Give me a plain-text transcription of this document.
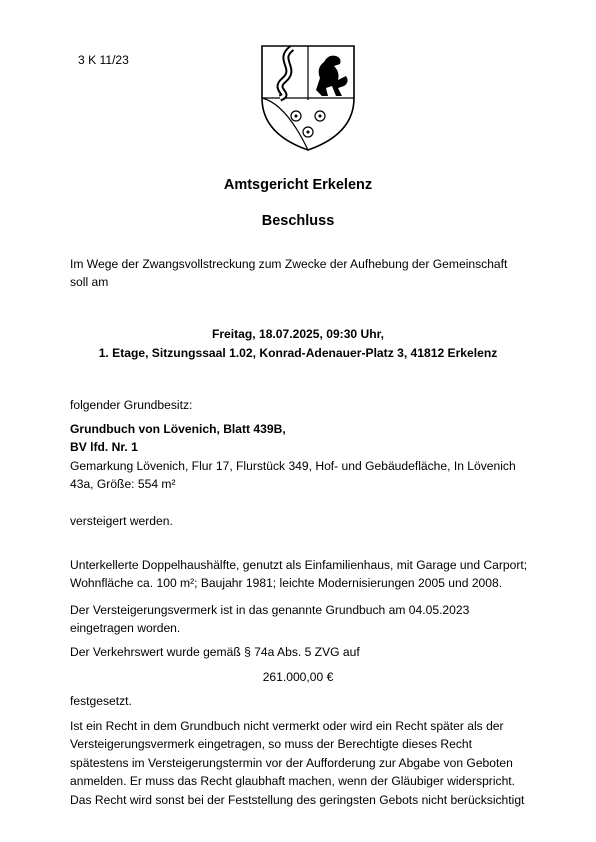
3 K 11/23
Amtsgericht Erkelenz
Beschluss
Im Wege der Zwangsvollstreckung zum Zwecke der Aufhebung der Gemeinschaft
soll am
Freitag, 18.07.2025, 09:30 Uhr,
1. Etage, Sitzungssaal 1.02, Konrad-Adenauer-Platz 3, 41812 Erkelenz
folgender Grundbesitz:
Grundbuch von Lövenich, Blatt 439B,
BV lfd. Nr. 1
Gemarkung Lövenich, Flur 17, Flurstück 349, Hof- und Gebäudefläche, In Lövenich
43a, Größe: 554 m²
versteigert werden.
Unterkellerte Doppelhaushälfte, genutzt als Einfamilienhaus, mit Garage und Carport;
Wohnfläche ca. 100 m²; Baujahr 1981; leichte Modernisierungen 2005 und 2008.
Der Versteigerungsvermerk ist in das genannte Grundbuch am 04.05.2023
eingetragen worden.
Der Verkehrswert wurde gemäß § 74a Abs. 5 ZVG auf
261.000,00 €
festgesetzt.
Ist ein Recht in dem Grundbuch nicht vermerkt oder wird ein Recht später als der
Versteigerungsvermerk eingetragen, so muss der Berechtigte dieses Recht
spätestens im Versteigerungstermin vor der Aufforderung zur Abgabe von Geboten
anmelden. Er muss das Recht glaubhaft machen, wenn der Gläubiger widerspricht.
Das Recht wird sonst bei der Feststellung des geringsten Gebots nicht berücksichtigt
